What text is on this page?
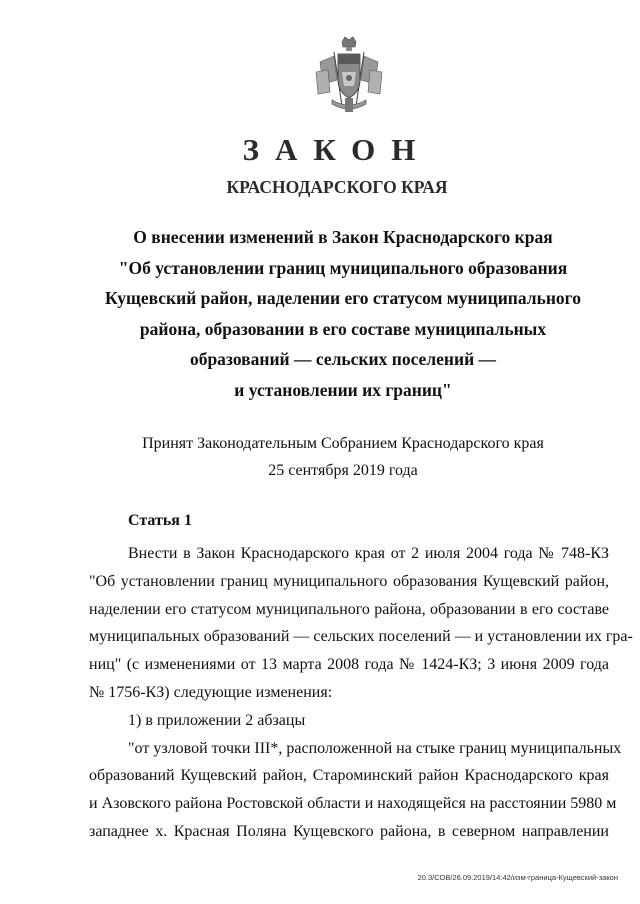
ЗАКОН
КРАСНОДАРСКОГО КРАЯ
О внесении изменений в Закон Краснодарского края
"Об установлении границ муниципального образования
Кущевский район, наделении его статусом муниципального
района, образовании в его составе муниципальных
образований — сельских поселений —
и установлении их границ"
Принят Законодательным Собранием Краснодарского края
25 сентября 2019 года
Статья 1
Внести в Закон Краснодарского края от 2 июля 2004 года № 748-КЗ
"Об установлении границ муниципального образования Кущевский район,
наделении его статусом муниципального района, образовании в его составе
муниципальных образований — сельских поселений — и установлении их гра-
ниц" (с изменениями от 13 марта 2008 года № 1424-КЗ; 3 июня 2009 года
№ 1756-КЗ) следующие изменения:
1) в приложении 2 абзацы
"от узловой точки III*, расположенной на стыке границ муниципальных
образований Кущевский район, Староминский район Краснодарского края
и Азовского района Ростовской области и находящейся на расстоянии 5980 м
западнее х. Красная Поляна Кущевского района, в северном направлении
20.3/СОВ/26.09.2019/14:42/изм-граница-Кущевский-закон
